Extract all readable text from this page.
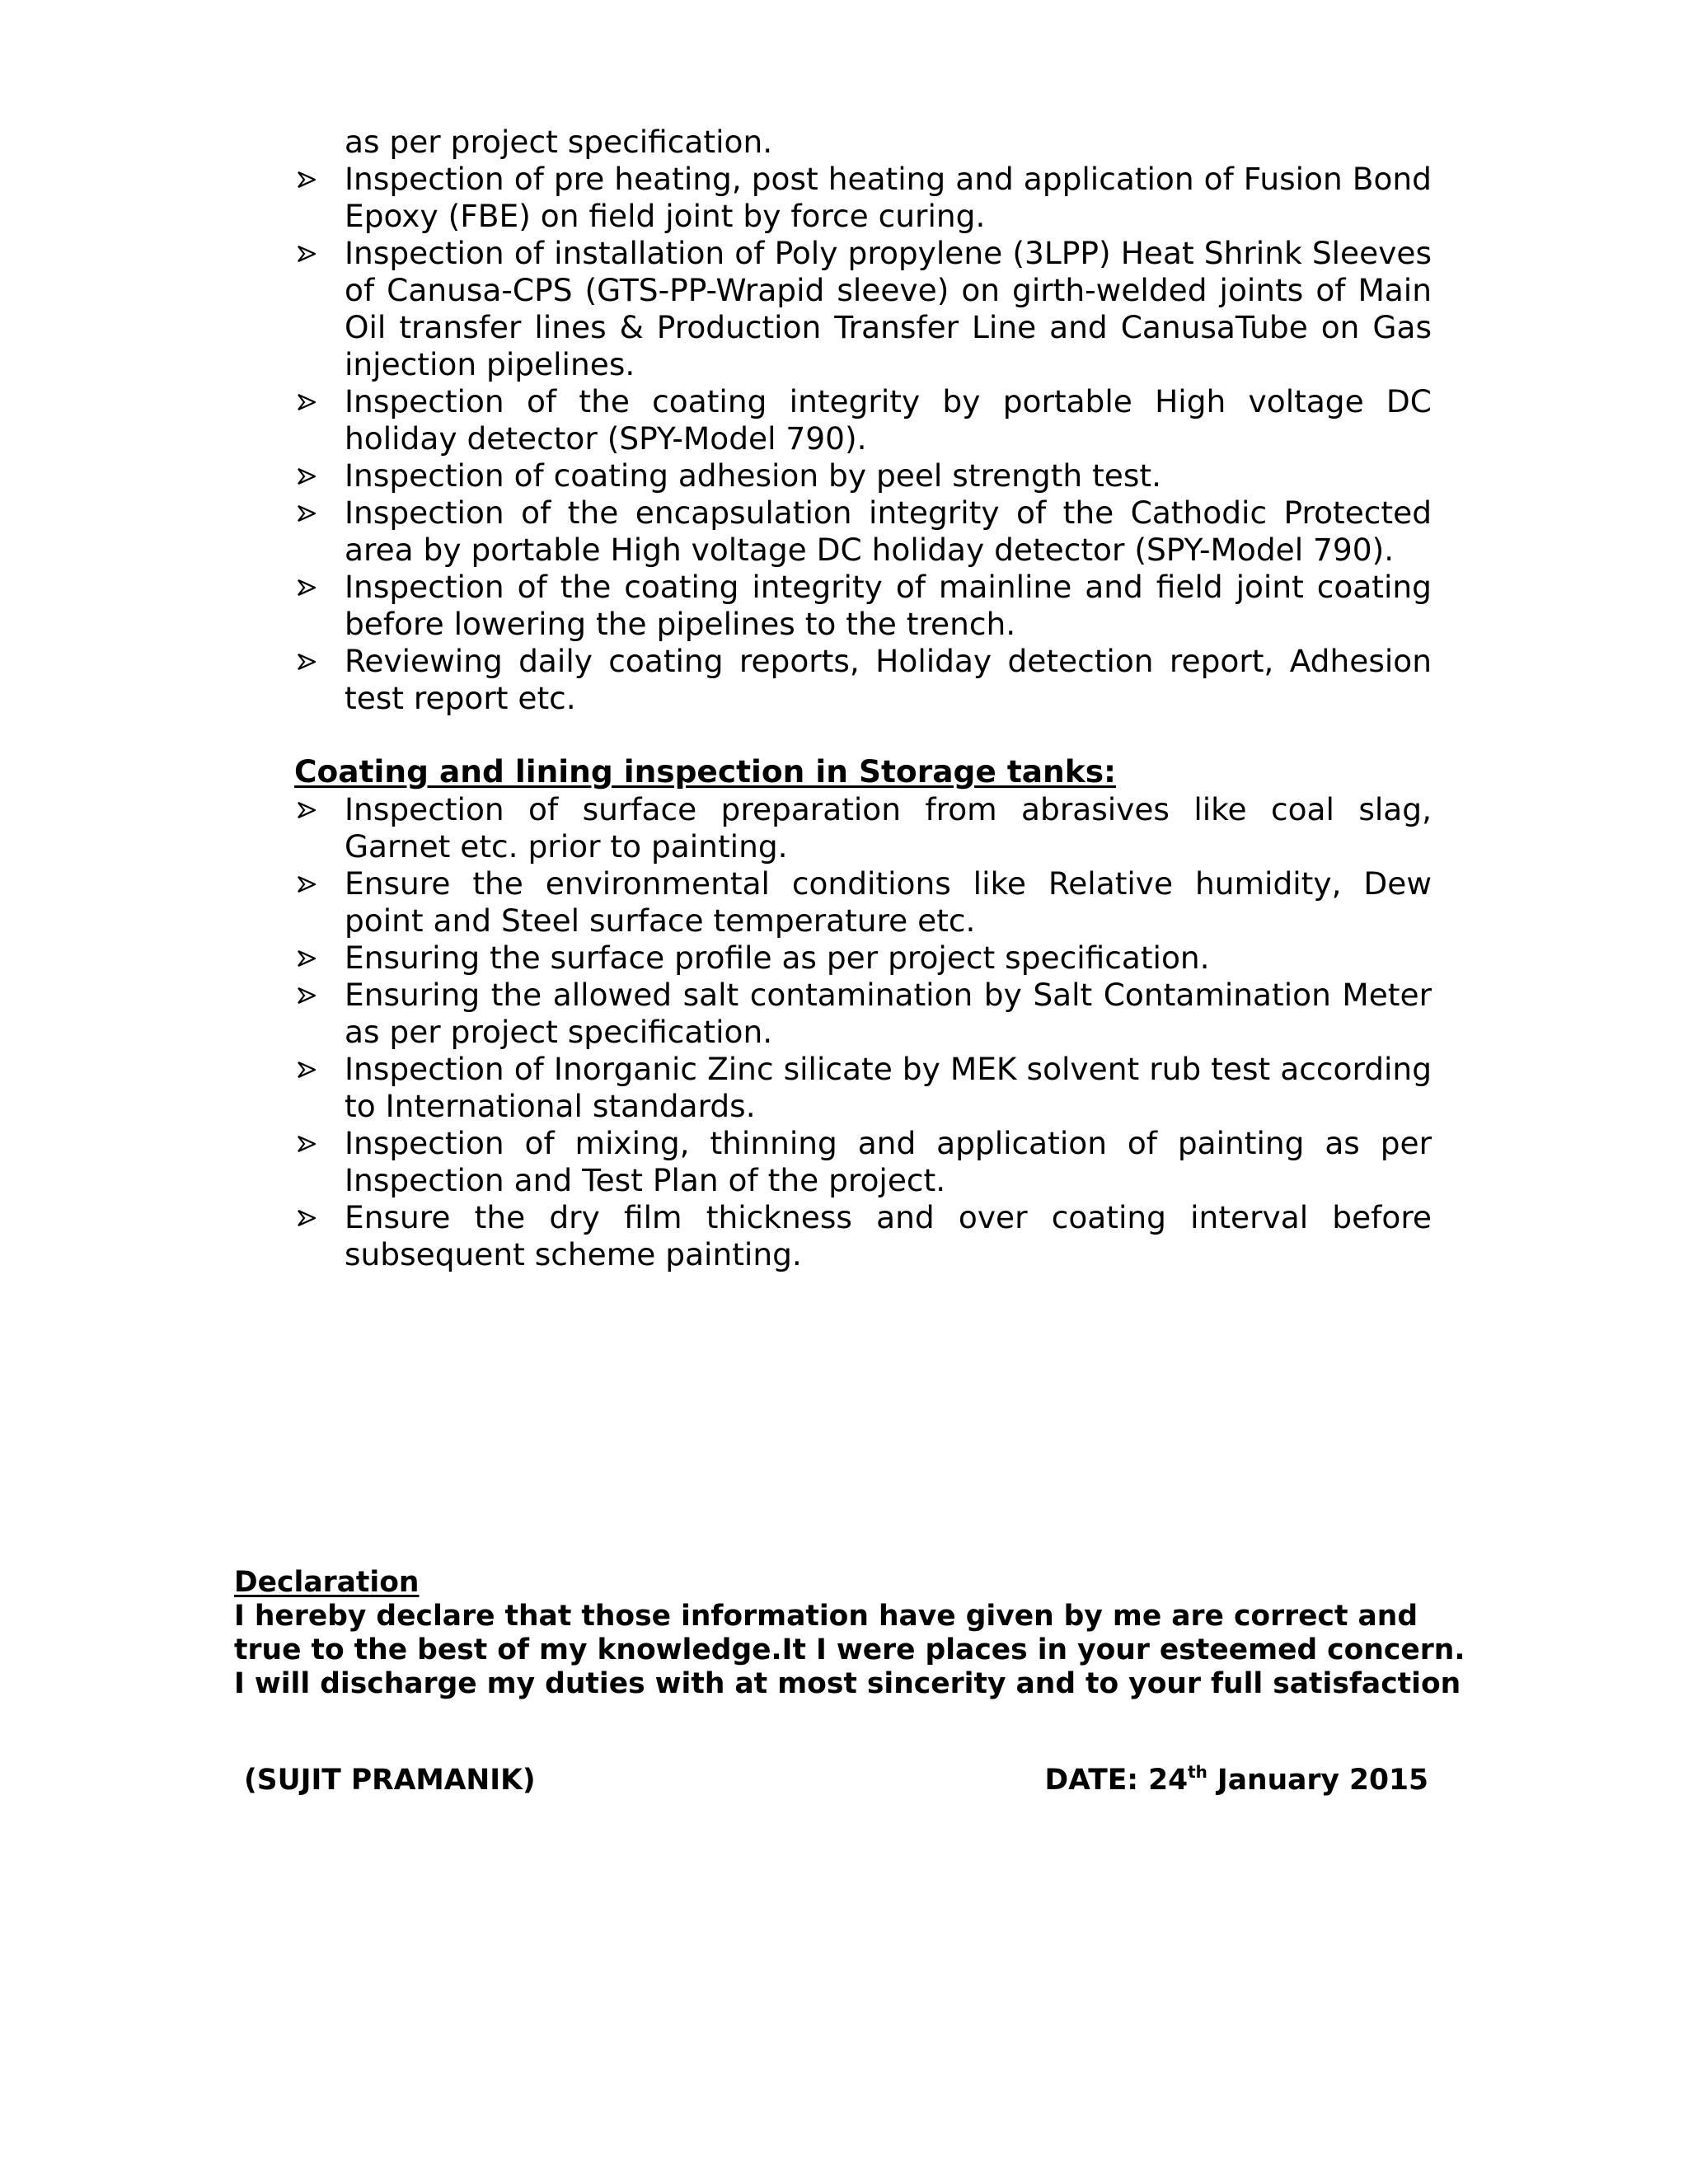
as per project specification.
Inspection of pre heating, post heating and application of Fusion Bond Epoxy (FBE) on field joint by force curing.
Inspection of installation of Poly propylene (3LPP) Heat Shrink Sleeves of Canusa-CPS (GTS-PP-Wrapid sleeve) on girth-welded joints of Main Oil transfer lines & Production Transfer Line and CanusaTube on Gas injection pipelines.
Inspection of the coating integrity by portable High voltage DC holiday detector (SPY-Model 790).
Inspection of coating adhesion by peel strength test.
Inspection of the encapsulation integrity of the Cathodic Protected area by portable High voltage DC holiday detector (SPY-Model 790).
Inspection of the coating integrity of mainline and field joint coating before lowering the pipelines to the trench.
Reviewing daily coating reports, Holiday detection report, Adhesion test report etc.
Coating and lining inspection in Storage tanks:
Inspection of surface preparation from abrasives like coal slag, Garnet etc. prior to painting.
Ensure the environmental conditions like Relative humidity, Dew point and Steel surface temperature etc.
Ensuring the surface profile as per project specification.
Ensuring the allowed salt contamination by Salt Contamination Meter as per project specification.
Inspection of Inorganic Zinc silicate by MEK solvent rub test according to International standards.
Inspection of mixing, thinning and application of painting as per Inspection and Test Plan of the project.
Ensure the dry film thickness and over coating interval before subsequent scheme painting.
Declaration
I hereby declare that those information have given by me are correct and
true to the best of my knowledge.It I were places in your esteemed concern.
I will discharge my duties with at most sincerity and to your full satisfaction
(SUJIT PRAMANIK)	DATE: 24th January 2015
